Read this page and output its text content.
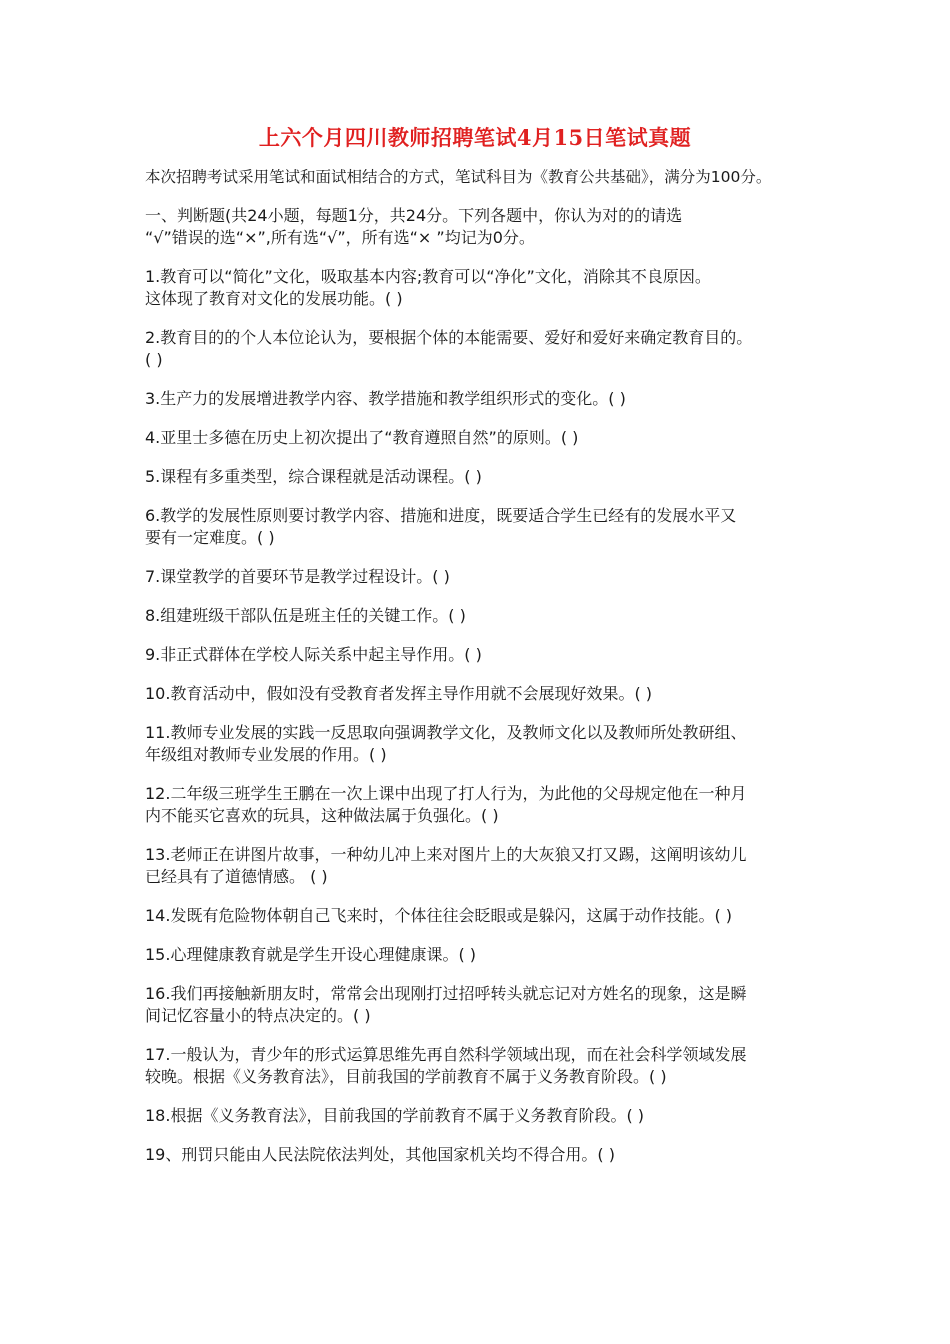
上六个月四川教师招聘笔试4月15日笔试真题

本次招聘考试采用笔试和面试相结合的方式，笔试科目为《教育公共基础》，满分为100分。

一、判断题(共24小题，每题1分，共24分。下列各题中，你认为对的的请选
“√”错误的选“×”,所有选“√”，所有选“× ”均记为0分。
1.教育可以“简化”文化，吸取基本内容;教育可以“净化”文化，消除其不良原因。
这体现了教育对文化的发展功能。( )
2.教育目的的个人本位论认为，要根据个体的本能需要、爱好和爱好来确定教育目的。
( )
3.生产力的发展增进教学内容、教学措施和教学组织形式的变化。( )
4.亚里士多德在历史上初次提出了“教育遵照自然”的原则。( )
5.课程有多重类型，综合课程就是活动课程。( )
6.教学的发展性原则要讨教学内容、措施和进度，既要适合学生已经有的发展水平又
要有一定难度。( )
7.课堂教学的首要环节是教学过程设计。( )
8.组建班级干部队伍是班主任的关键工作。( )
9.非正式群体在学校人际关系中起主导作用。( )
10.教育活动中，假如没有受教育者发挥主导作用就不会展现好效果。( )
11.教师专业发展的实践一反思取向强调教学文化，及教师文化以及教师所处教研组、
年级组对教师专业发展的作用。( )
12.二年级三班学生王鹏在一次上课中出现了打人行为，为此他的父母规定他在一种月
内不能买它喜欢的玩具，这种做法属于负强化。( )
13.老师正在讲图片故事，一种幼儿冲上来对图片上的大灰狼又打又踢，这阐明该幼儿
已经具有了道德情感。 ( )
14.发既有危险物体朝自己飞来时，个体往往会眨眼或是躲闪，这属于动作技能。( )
15.心理健康教育就是学生开设心理健康课。( )
16.我们再接触新朋友时，常常会出现刚打过招呼转头就忘记对方姓名的现象，这是瞬
间记忆容量小的特点决定的。( )
17.一般认为，青少年的形式运算思维先再自然科学领域出现，而在社会科学领域发展
较晚。根据《义务教育法》，目前我国的学前教育不属于义务教育阶段。( )
18.根据《义务教育法》，目前我国的学前教育不属于义务教育阶段。( )
19、刑罚只能由人民法院依法判处，其他国家机关均不得合用。( )
